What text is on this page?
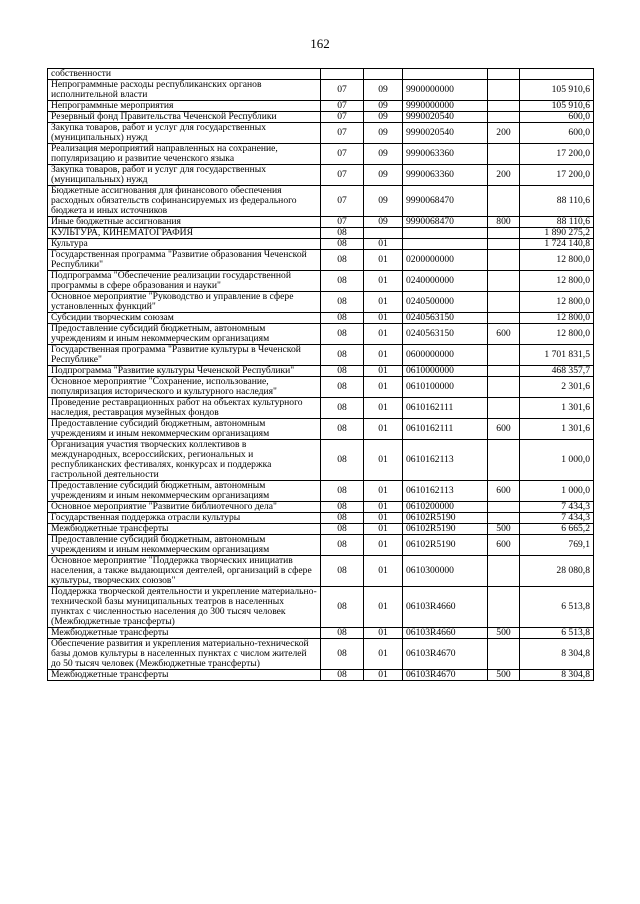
162
собственности					
Непрограммные расходы республиканских органов исполнительной власти	07	09	9900000000		105 910,6
Непрограммные мероприятия	07	09	9990000000		105 910,6
Резервный фонд Правительства Чеченской Республики	07	09	9990020540		600,0
Закупка товаров, работ и услуг для государственных (муниципальных) нужд	07	09	9990020540	200	600,0
Реализация мероприятий направленных на сохранение, популяризацию и развитие чеченского языка	07	09	9990063360		17 200,0
Закупка товаров, работ и услуг для государственных (муниципальных) нужд	07	09	9990063360	200	17 200,0
Бюджетные ассигнования для финансового обеспечения расходных обязательств софинансируемых из федерального бюджета и иных источников	07	09	9990068470		88 110,6
Иные бюджетные ассигнования	07	09	9990068470	800	88 110,6
КУЛЬТУРА, КИНЕМАТОГРАФИЯ	08				1 890 275,2
Культура	08	01			1 724 140,8
Государственная программа "Развитие образования Чеченской Республики"	08	01	0200000000		12 800,0
Подпрограмма "Обеспечение реализации государственной программы в сфере образования и науки"	08	01	0240000000		12 800,0
Основное мероприятие "Руководство и управление в сфере установленных функций"	08	01	0240500000		12 800,0
Субсидии творческим союзам	08	01	0240563150		12 800,0
Предоставление субсидий бюджетным, автономным учреждениям и иным некоммерческим организациям	08	01	0240563150	600	12 800,0
Государственная программа "Развитие культуры в Чеченской Республике"	08	01	0600000000		1 701 831,5
Подпрограмма "Развитие культуры Чеченской Республики"	08	01	0610000000		468 357,7
Основное мероприятие "Сохранение, использование, популяризация исторического и культурного наследия"	08	01	0610100000		2 301,6
Проведение реставрационных работ на объектах культурного наследия, реставрация музейных фондов	08	01	0610162111		1 301,6
Предоставление субсидий бюджетным, автономным учреждениям и иным некоммерческим организациям	08	01	0610162111	600	1 301,6
Организация участия творческих коллективов в международных, всероссийских, региональных и республиканских фестивалях, конкурсах и поддержка гастрольной деятельности	08	01	0610162113		1 000,0
Предоставление субсидий бюджетным, автономным учреждениям и иным некоммерческим организациям	08	01	0610162113	600	1 000,0
Основное мероприятие "Развитие библиотечного дела"	08	01	0610200000		7 434,3
Государственная поддержка отрасли культуры	08	01	06102R5190		7 434,3
Межбюджетные трансферты	08	01	06102R5190	500	6 665,2
Предоставление субсидий бюджетным, автономным учреждениям и иным некоммерческим организациям	08	01	06102R5190	600	769,1
Основное мероприятие "Поддержка творческих инициатив населения, а также выдающихся деятелей, организаций в сфере культуры, творческих союзов"	08	01	0610300000		28 080,8
Поддержка творческой деятельности и укрепление материально-технической базы муниципальных театров в населенных пунктах с численностью населения до 300 тысяч человек (Межбюджетные трансферты)	08	01	06103R4660		6 513,8
Межбюджетные трансферты	08	01	06103R4660	500	6 513,8
Обеспечение развития и укрепления материально-технической базы домов культуры в населенных пунктах с числом жителей до 50 тысяч человек (Межбюджетные трансферты)	08	01	06103R4670		8 304,8
Межбюджетные трансферты	08	01	06103R4670	500	8 304,8
